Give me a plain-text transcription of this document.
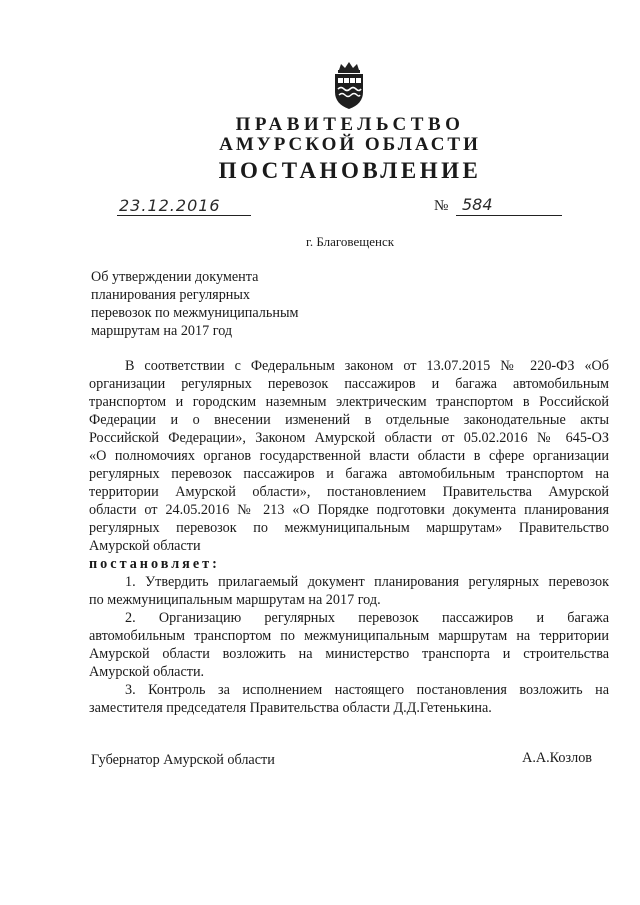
ПРАВИТЕЛЬСТВО
АМУРСКОЙ ОБЛАСТИ
ПОСТАНОВЛЕНИЕ
23.12.2016	№ 584
г. Благовещенск
Об утверждении документа
планирования регулярных
перевозок по межмуниципальным
маршрутам на 2017 год
В соответствии с Федеральным законом от 13.07.2015 № 220-ФЗ «Об
организации регулярных перевозок пассажиров и багажа автомобильным
транспортом и городским наземным электрическим транспортом в Российской
Федерации и о внесении изменений в отдельные законодательные акты
Российской Федерации», Законом Амурской области от 05.02.2016 № 645-ОЗ
«О полномочиях органов государственной власти области в сфере организации
регулярных перевозок пассажиров и багажа автомобильным транспортом на
территории Амурской области», постановлением Правительства Амурской
области от 24.05.2016 № 213 «О Порядке подготовки документа планирования
регулярных перевозок по межмуниципальным маршрутам» Правительство
Амурской области
постановляет:
1. Утвердить прилагаемый документ планирования регулярных перевозок
по межмуниципальным маршрутам на 2017 год.
2. Организацию регулярных перевозок пассажиров и багажа
автомобильным транспортом по межмуниципальным маршрутам на территории
Амурской области возложить на министерство транспорта и строительства
Амурской области.
3. Контроль за исполнением настоящего постановления возложить на
заместителя председателя Правительства области Д.Д.Гетенькина.
Губернатор Амурской области	А.А.Козлов
